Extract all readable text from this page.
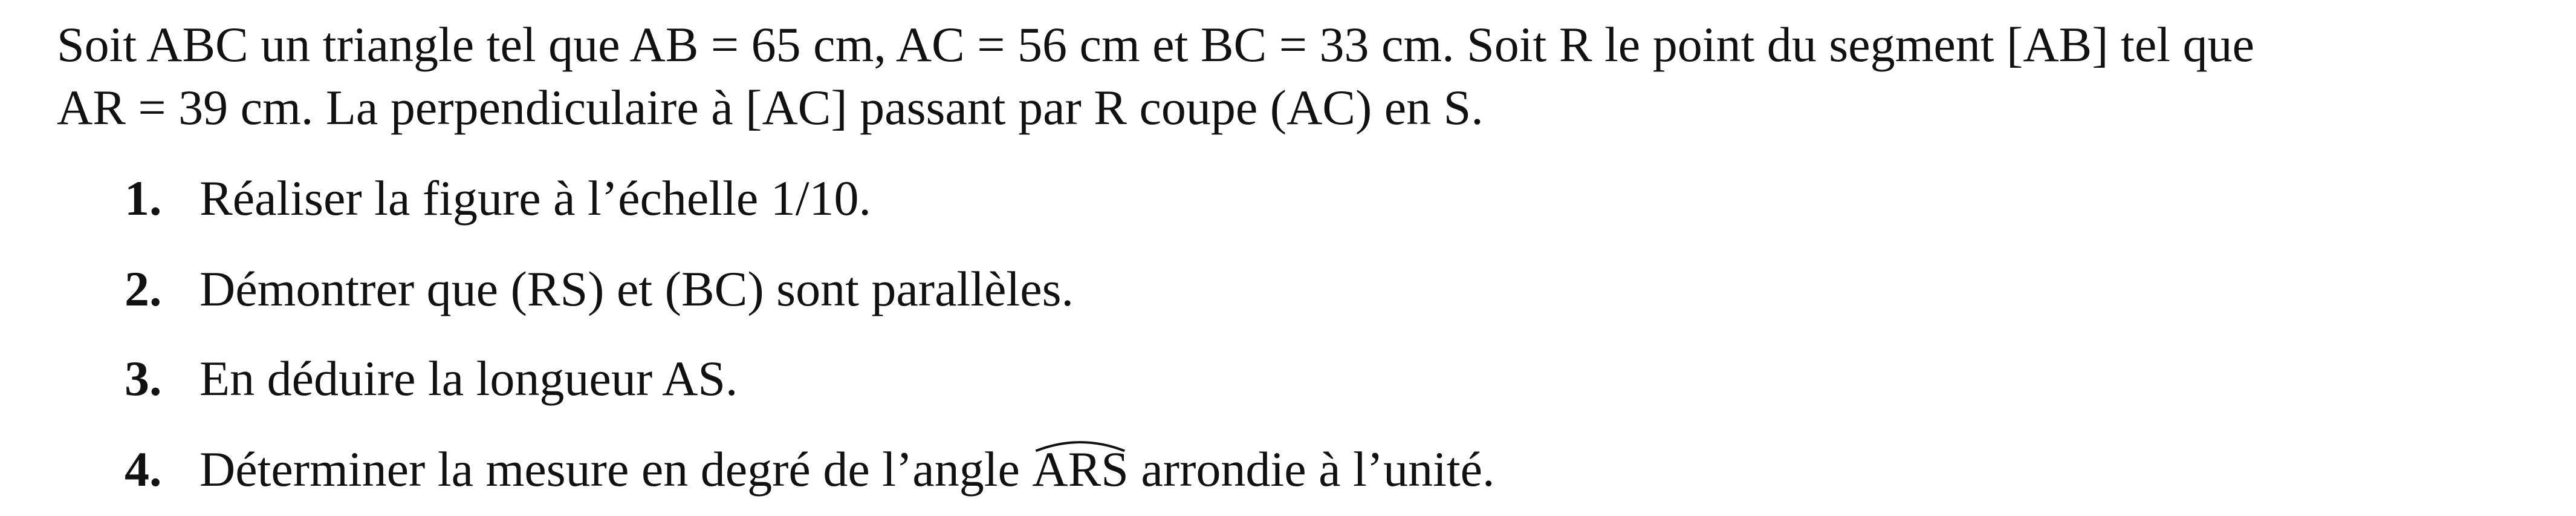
Soit ABC un triangle tel que AB = 65 cm, AC = 56 cm et BC = 33 cm. Soit R le point du segment [AB] tel que
AR = 39 cm. La perpendiculaire à [AC] passant par R coupe (AC) en S.

1. Réaliser la figure à l’échelle 1/10.
2. Démontrer que (RS) et (BC) sont parallèles.
3. En déduire la longueur AS.
4. Déterminer la mesure en degré de l’angle
ARS arrondie à l’unité.
